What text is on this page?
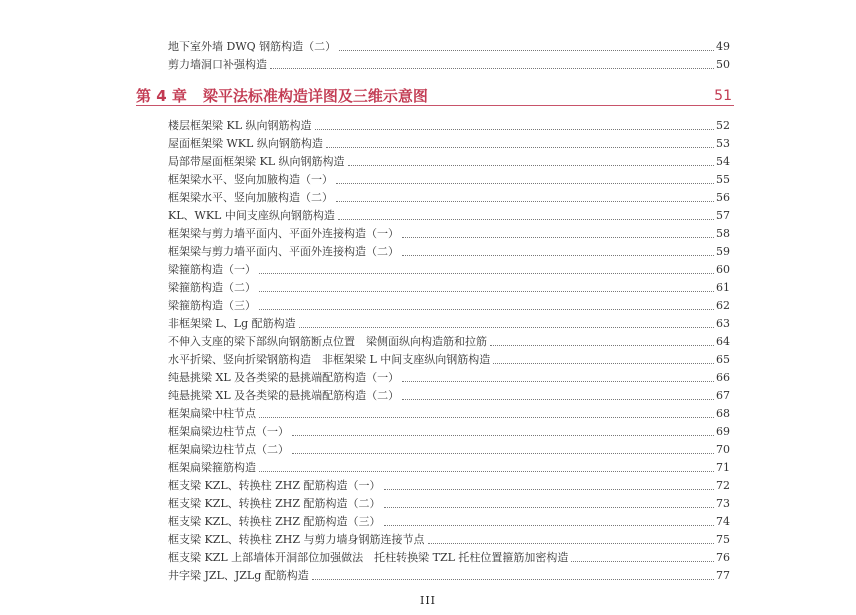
地下室外墙 DWQ 钢筋构造（二）	49
剪力墙洞口补强构造	50
第 4 章 梁平法标准构造详图及三维示意图	51
楼层框架梁 KL 纵向钢筋构造	52
屋面框架梁 WKL 纵向钢筋构造	53
局部带屋面框架梁 KL 纵向钢筋构造	54
框架梁水平、竖向加腋构造（一）	55
框架梁水平、竖向加腋构造（二）	56
KL、WKL 中间支座纵向钢筋构造	57
框架梁与剪力墙平面内、平面外连接构造（一）	58
框架梁与剪力墙平面内、平面外连接构造（二）	59
梁箍筋构造（一）	60
梁箍筋构造（二）	61
梁箍筋构造（三）	62
非框架梁 L、Lg 配筋构造	63
不伸入支座的梁下部纵向钢筋断点位置　梁侧面纵向构造筋和拉筋	64
水平折梁、竖向折梁钢筋构造　非框架梁 L 中间支座纵向钢筋构造	65
纯悬挑梁 XL 及各类梁的悬挑端配筋构造（一）	66
纯悬挑梁 XL 及各类梁的悬挑端配筋构造（二）	67
框架扁梁中柱节点	68
框架扁梁边柱节点（一）	69
框架扁梁边柱节点（二）	70
框架扁梁箍筋构造	71
框支梁 KZL、转换柱 ZHZ 配筋构造（一）	72
框支梁 KZL、转换柱 ZHZ 配筋构造（二）	73
框支梁 KZL、转换柱 ZHZ 配筋构造（三）	74
框支梁 KZL、转换柱 ZHZ 与剪力墙身钢筋连接节点	75
框支梁 KZL 上部墙体开洞部位加强做法　托柱转换梁 TZL 托柱位置箍筋加密构造	76
井字梁 JZL、JZLg 配筋构造	77
III
